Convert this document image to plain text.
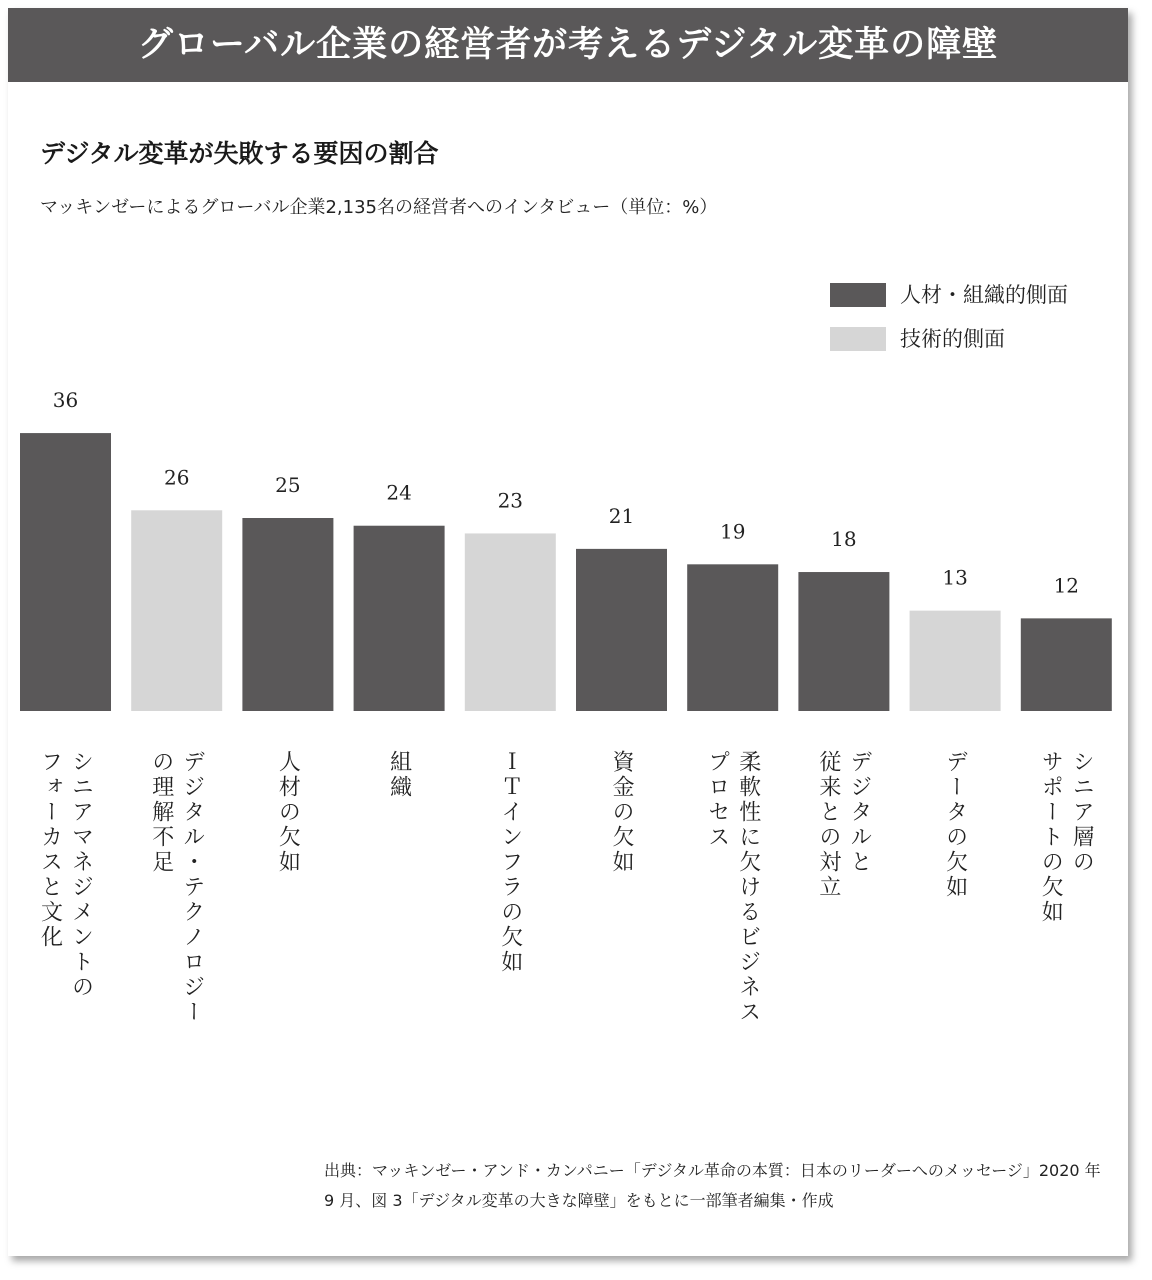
グローバル企業の経営者が考えるデジタル変革の障壁
デジタル変革が失敗する要因の割合
マッキンゼーによるグローバル企業2,135名の経営者へのインタビュー（単位：%）
人材・組織的側面
技術的側面
36
26	25	24	23
21
19	18
13	12
シニアマネジメントの
フォーカスと文化	デジタル・テクノロジー
の理解不足	人材の欠如	組織	ＩＴインフラの欠如	資金の欠如	柔軟性に欠けるビジネス
プロセス	デジタルと
従来との対立	データの欠如	シニア層の
サポートの欠如
出典：マッキンゼー・アンド・カンパニー「デジタル革命の本質：日本のリーダーへのメッセージ」2020 年 9 月、図 3「デジタル変革の大きな障壁」をもとに一部筆者編集・作成
